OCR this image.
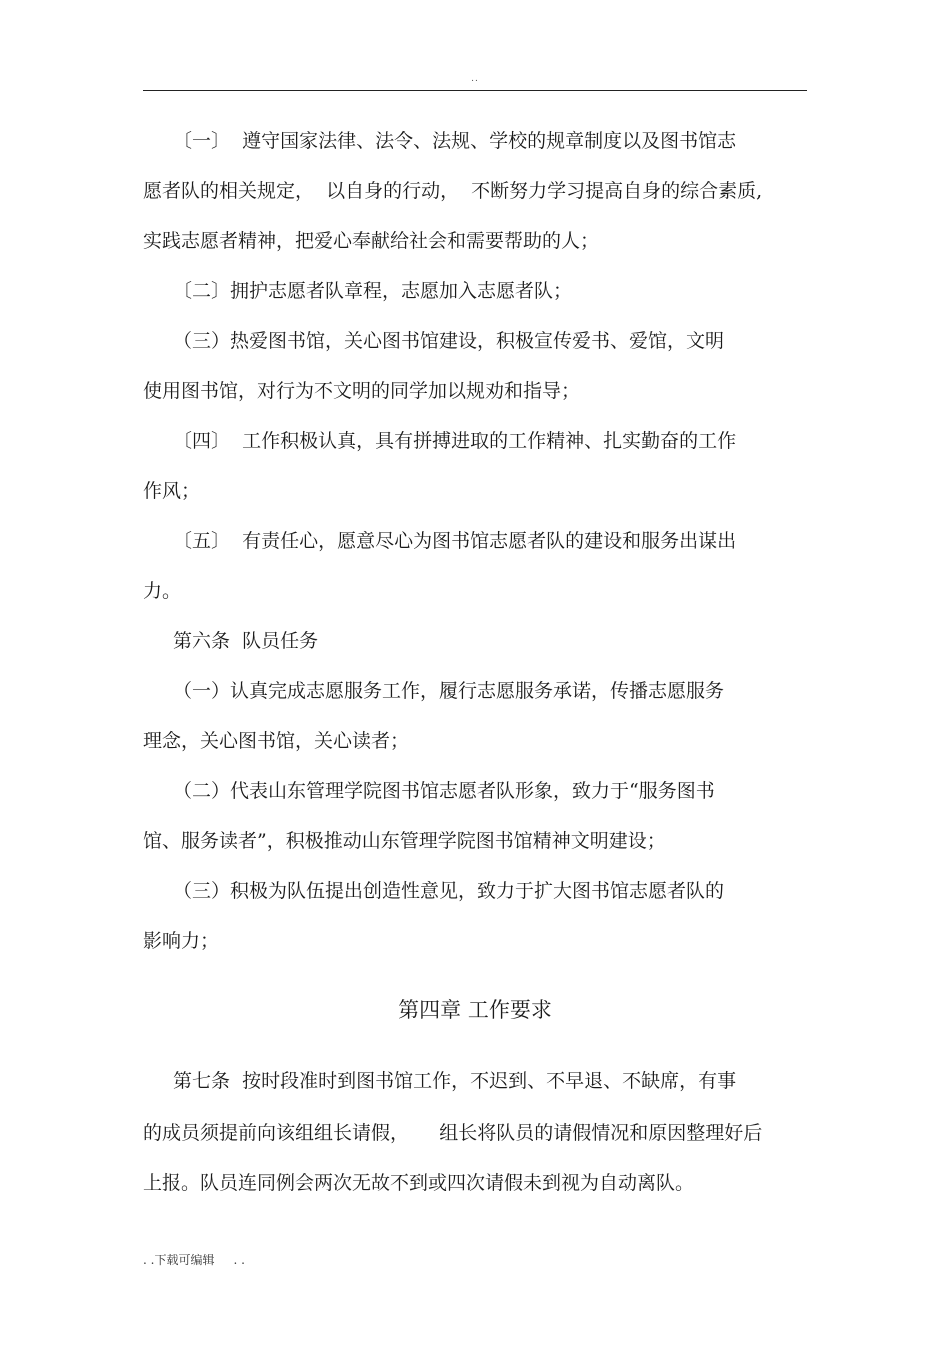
..
〔一〕  遵守国家法律、法令、法规、学校的规章制度以及图书馆志
愿者队的相关规定，  以自身的行动，  不断努力学习提高自身的综合素质,
实践志愿者精神，把爱心奉献给社会和需要帮助的人；
〔二〕拥护志愿者队章程，志愿加入志愿者队；
（三）热爱图书馆，关心图书馆建设，积极宣传爱书、爱馆，文明
使用图书馆，对行为不文明的同学加以规劝和指导；
〔四〕  工作积极认真，具有拼搏进取的工作精神、扎实勤奋的工作
作风；
〔五〕  有责任心，愿意尽心为图书馆志愿者队的建设和服务出谋出
力。
第六条  队员任务
（一）认真完成志愿服务工作，履行志愿服务承诺，传播志愿服务
理念，关心图书馆，关心读者；
（二）代表山东管理学院图书馆志愿者队形象，致力于“服务图书
馆、服务读者”，积极推动山东管理学院图书馆精神文明建设；
（三）积极为队伍提出创造性意见，致力于扩大图书馆志愿者队的
影响力；
第四章 工作要求
第七条  按时段准时到图书馆工作，不迟到、不早退、不缺席，有事
的成员须提前向该组组长请假，     组长将队员的请假情况和原因整理好后
上报。队员连同例会两次无故不到或四次请假未到视为自动离队。
. .下载可编辑     . .
